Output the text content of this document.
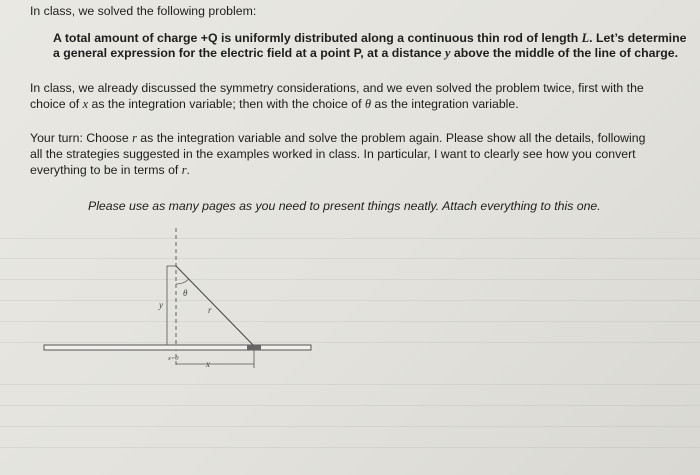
In class, we solved the following problem:
A total amount of charge +Q is uniformly distributed along a continuous thin rod of length L. Let’s determine
a general expression for the electric field at a point P, at a distance y above the middle of the line of charge.
In class, we already discussed the symmetry considerations, and we even solved the problem twice, first with the
choice of x as the integration variable; then with the choice of θ as the integration variable.
Your turn: Choose r as the integration variable and solve the problem again. Please show all the details, following
all the strategies suggested in the examples worked in class. In particular, I want to clearly see how you convert
everything to be in terms of r.
Please use as many pages as you need to present things neatly. Attach everything to this one.
θ
y	r
x=0
x
